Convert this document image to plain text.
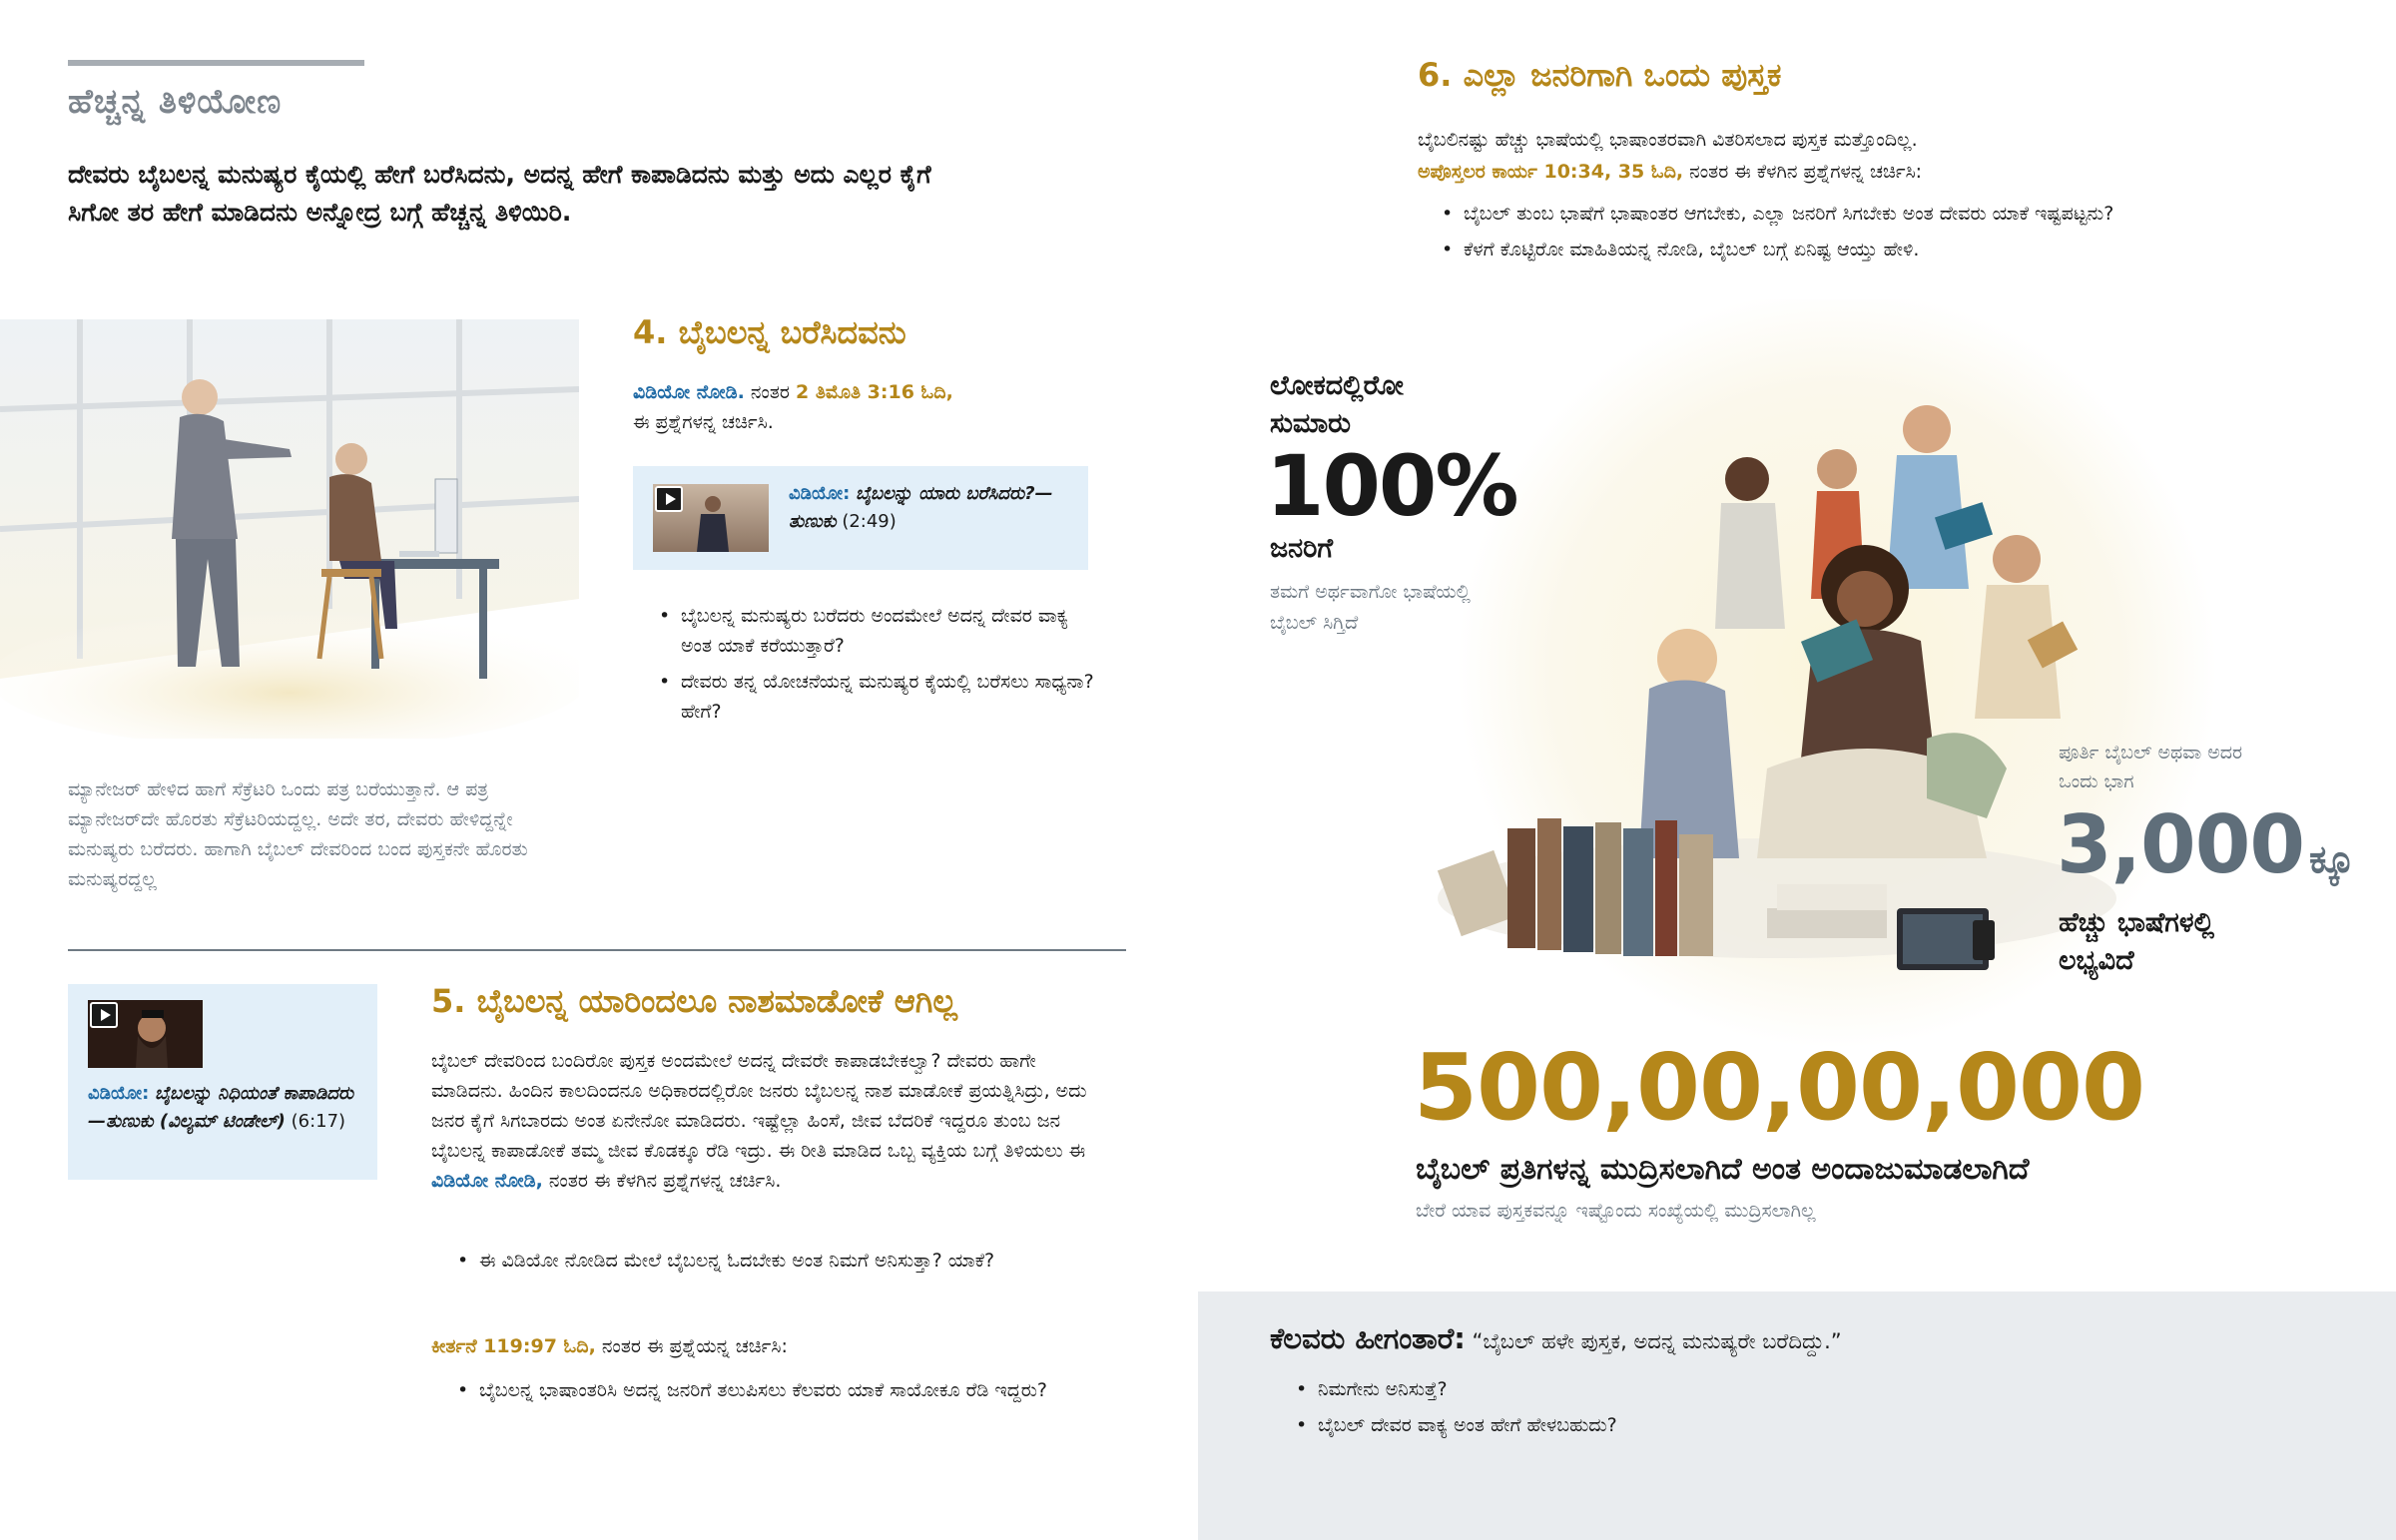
ಹೆಚ್ಚನ್ನ ತಿಳಿಯೋಣ
ದೇವರು ಬೈಬಲನ್ನ ಮನುಷ್ಯರ ಕೈಯಲ್ಲಿ ಹೇಗೆ ಬರೆಸಿದನು, ಅದನ್ನ ಹೇಗೆ ಕಾಪಾಡಿದನು ಮತ್ತು ಅದು ಎಲ್ಲರ ಕೈಗೆ ಸಿಗೋ ತರ ಹೇಗೆ ಮಾಡಿದನು ಅನ್ನೋದ್ರ ಬಗ್ಗೆ ಹೆಚ್ಚನ್ನ ತಿಳಿಯಿರಿ.
ಮ್ಯಾನೇಜರ್ ಹೇಳಿದ ಹಾಗೆ ಸೆಕ್ರೆಟರಿ ಒಂದು ಪತ್ರ ಬರೆಯುತ್ತಾನೆ. ಆ ಪತ್ರ ಮ್ಯಾನೇಜರ್‌ದೇ ಹೊರತು ಸೆಕ್ರೆಟರಿಯದ್ದಲ್ಲ. ಅದೇ ತರ, ದೇವರು ಹೇಳಿದ್ದನ್ನೇ ಮನುಷ್ಯರು ಬರೆದರು. ಹಾಗಾಗಿ ಬೈಬಲ್ ದೇವರಿಂದ ಬಂದ ಪುಸ್ತಕನೇ ಹೊರತು ಮನುಷ್ಯರದ್ದಲ್ಲ
4. ಬೈಬಲನ್ನ ಬರೆಸಿದವನು
ವಿಡಿಯೋ ನೋಡಿ. ನಂತರ 2 ತಿಮೊತಿ 3:16 ಓದಿ,
ಈ ಪ್ರಶ್ನೆಗಳನ್ನ ಚರ್ಚಿಸಿ.
ವಿಡಿಯೋ: ಬೈಬಲನ್ನು ಯಾರು ಬರೆಸಿದರು?—ತುಣುಕು (2:49)
• ಬೈಬಲನ್ನ ಮನುಷ್ಯರು ಬರೆದರು ಅಂದಮೇಲೆ ಅದನ್ನ ದೇವರ ವಾಕ್ಯ ಅಂತ ಯಾಕೆ ಕರೆಯುತ್ತಾರೆ?
• ದೇವರು ತನ್ನ ಯೋಚನೆಯನ್ನ ಮನುಷ್ಯರ ಕೈಯಲ್ಲಿ ಬರೆಸಲು ಸಾಧ್ಯನಾ? ಹೇಗೆ?
ವಿಡಿಯೋ: ಬೈಬಲನ್ನು ನಿಧಿಯಂತೆ ಕಾಪಾಡಿದರು—ತುಣುಕು (ವಿಲ್ಯಮ್ ಟಿಂಡೇಲ್) (6:17)
5. ಬೈಬಲನ್ನ ಯಾರಿಂದಲೂ ನಾಶಮಾಡೋಕೆ ಆಗಿಲ್ಲ
ಬೈಬಲ್ ದೇವರಿಂದ ಬಂದಿರೋ ಪುಸ್ತಕ ಅಂದಮೇಲೆ ಅದನ್ನ ದೇವರೇ ಕಾಪಾಡಬೇಕಲ್ವಾ? ದೇವರು ಹಾಗೇ ಮಾಡಿದನು. ಹಿಂದಿನ ಕಾಲದಿಂದನೂ ಅಧಿಕಾರದಲ್ಲಿರೋ ಜನರು ಬೈಬಲನ್ನ ನಾಶ ಮಾಡೋಕೆ ಪ್ರಯತ್ನಿಸಿದ್ರು, ಅದು ಜನರ ಕೈಗೆ ಸಿಗಬಾರದು ಅಂತ ಏನೇನೋ ಮಾಡಿದರು. ಇಷ್ಟೆಲ್ಲಾ ಹಿಂಸೆ, ಜೀವ ಬೆದರಿಕೆ ಇದ್ದರೂ ತುಂಬ ಜನ ಬೈಬಲನ್ನ ಕಾಪಾಡೋಕೆ ತಮ್ಮ ಜೀವ ಕೊಡಕ್ಕೂ ರೆಡಿ ಇದ್ರು. ಈ ರೀತಿ ಮಾಡಿದ ಒಬ್ಬ ವ್ಯಕ್ತಿಯ ಬಗ್ಗೆ ತಿಳಿಯಲು ಈ ವಿಡಿಯೋ ನೋಡಿ, ನಂತರ ಈ ಕೆಳಗಿನ ಪ್ರಶ್ನೆಗಳನ್ನ ಚರ್ಚಿಸಿ.
• ಈ ವಿಡಿಯೋ ನೋಡಿದ ಮೇಲೆ ಬೈಬಲನ್ನ ಓದಬೇಕು ಅಂತ ನಿಮಗೆ ಅನಿಸುತ್ತಾ? ಯಾಕೆ?
ಕೀರ್ತನೆ 119:97 ಓದಿ, ನಂತರ ಈ ಪ್ರಶ್ನೆಯನ್ನ ಚರ್ಚಿಸಿ:
• ಬೈಬಲನ್ನ ಭಾಷಾಂತರಿಸಿ ಅದನ್ನ ಜನರಿಗೆ ತಲುಪಿಸಲು ಕೆಲವರು ಯಾಕೆ ಸಾಯೋಕೂ ರೆಡಿ ಇದ್ದರು?
6. ಎಲ್ಲಾ ಜನರಿಗಾಗಿ ಒಂದು ಪುಸ್ತಕ
ಬೈಬಲಿನಷ್ಟು ಹೆಚ್ಚು ಭಾಷೆಯಲ್ಲಿ ಭಾಷಾಂತರವಾಗಿ ವಿತರಿಸಲಾದ ಪುಸ್ತಕ ಮತ್ತೊಂದಿಲ್ಲ.
ಅಪೊಸ್ತಲರ ಕಾರ್ಯ 10:34, 35 ಓದಿ, ನಂತರ ಈ ಕೆಳಗಿನ ಪ್ರಶ್ನೆಗಳನ್ನ ಚರ್ಚಿಸಿ:
• ಬೈಬಲ್ ತುಂಬ ಭಾಷೆಗೆ ಭಾಷಾಂತರ ಆಗಬೇಕು, ಎಲ್ಲಾ ಜನರಿಗೆ ಸಿಗಬೇಕು ಅಂತ ದೇವರು ಯಾಕೆ ಇಷ್ಟಪಟ್ಟನು?
• ಕೆಳಗೆ ಕೊಟ್ಟಿರೋ ಮಾಹಿತಿಯನ್ನ ನೋಡಿ, ಬೈಬಲ್ ಬಗ್ಗೆ ಏನಿಷ್ಟ ಆಯ್ತು ಹೇಳಿ.
ಲೋಕದಲ್ಲಿರೋ
ಸುಮಾರು
100%
ಜನರಿಗೆ
ತಮಗೆ ಅರ್ಥವಾಗೋ ಭಾಷೆಯಲ್ಲಿ ಬೈಬಲ್ ಸಿಗ್ತಿದೆ
ಪೂರ್ತಿ ಬೈಬಲ್ ಅಥವಾ ಅದರ ಒಂದು ಭಾಗ
3,000 ಕ್ಕೂ
ಹೆಚ್ಚು ಭಾಷೆಗಳಲ್ಲಿ ಲಭ್ಯವಿದೆ
500,00,00,000
ಬೈಬಲ್ ಪ್ರತಿಗಳನ್ನ ಮುದ್ರಿಸಲಾಗಿದೆ ಅಂತ ಅಂದಾಜುಮಾಡಲಾಗಿದೆ
ಬೇರೆ ಯಾವ ಪುಸ್ತಕವನ್ನೂ ಇಷ್ಟೊಂದು ಸಂಖ್ಯೆಯಲ್ಲಿ ಮುದ್ರಿಸಲಾಗಿಲ್ಲ
ಕೆಲವರು ಹೀಗಂತಾರೆ: “ಬೈಬಲ್ ಹಳೇ ಪುಸ್ತಕ, ಅದನ್ನ ಮನುಷ್ಯರೇ ಬರೆದಿದ್ದು.”
• ನಿಮಗೇನು ಅನಿಸುತ್ತೆ?
• ಬೈಬಲ್ ದೇವರ ವಾಕ್ಯ ಅಂತ ಹೇಗೆ ಹೇಳಬಹುದು?
